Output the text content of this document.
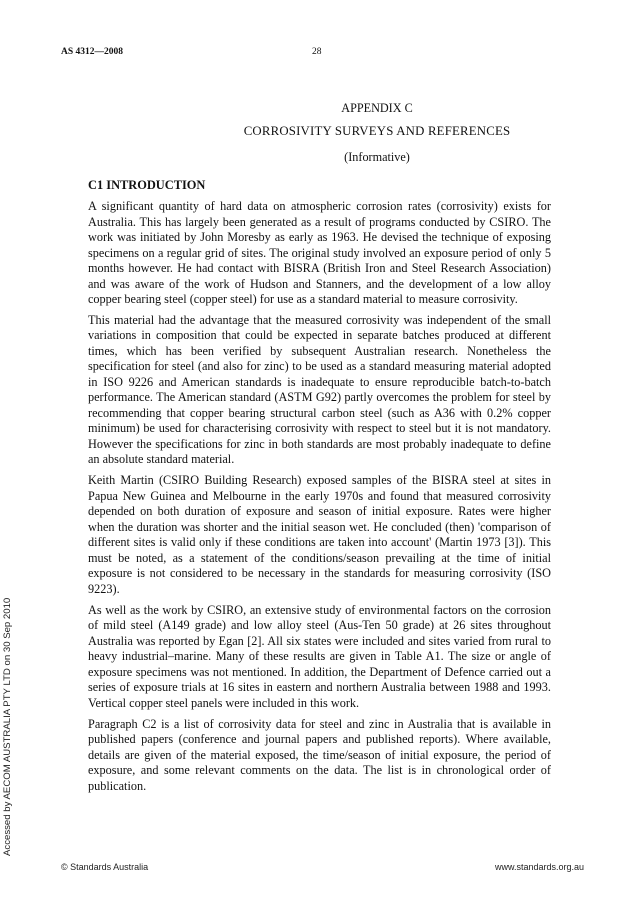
AS 4312—2008	28
APPENDIX C
CORROSIVITY SURVEYS AND REFERENCES
(Informative)
C1 INTRODUCTION

A significant quantity of hard data on atmospheric corrosion rates (corrosivity) exists for Australia. This has largely been generated as a result of programs conducted by CSIRO. The work was initiated by John Moresby as early as 1963. He devised the technique of exposing specimens on a regular grid of sites. The original study involved an exposure period of only 5 months however. He had contact with BISRA (British Iron and Steel Research Association) and was aware of the work of Hudson and Stanners, and the development of a low alloy copper bearing steel (copper steel) for use as a standard material to measure corrosivity.

This material had the advantage that the measured corrosivity was independent of the small variations in composition that could be expected in separate batches produced at different times, which has been verified by subsequent Australian research. Nonetheless the specification for steel (and also for zinc) to be used as a standard measuring material adopted in ISO 9226 and American standards is inadequate to ensure reproducible batch-to-batch performance. The American standard (ASTM G92) partly overcomes the problem for steel by recommending that copper bearing structural carbon steel (such as A36 with 0.2% copper minimum) be used for characterising corrosivity with respect to steel but it is not mandatory. However the specifications for zinc in both standards are most probably inadequate to define an absolute standard material.

Keith Martin (CSIRO Building Research) exposed samples of the BISRA steel at sites in Papua New Guinea and Melbourne in the early 1970s and found that measured corrosivity depended on both duration of exposure and season of initial exposure. Rates were higher when the duration was shorter and the initial season wet. He concluded (then) 'comparison of different sites is valid only if these conditions are taken into account' (Martin 1973 [3]). This must be noted, as a statement of the conditions/season prevailing at the time of initial exposure is not considered to be necessary in the standards for measuring corrosivity (ISO 9223).

As well as the work by CSIRO, an extensive study of environmental factors on the corrosion of mild steel (A149 grade) and low alloy steel (Aus-Ten 50 grade) at 26 sites throughout Australia was reported by Egan [2]. All six states were included and sites varied from rural to heavy industrial–marine. Many of these results are given in Table A1. The size or angle of exposure specimens was not mentioned. In addition, the Department of Defence carried out a series of exposure trials at 16 sites in eastern and northern Australia between 1988 and 1993. Vertical copper steel panels were included in this work.

Paragraph C2 is a list of corrosivity data for steel and zinc in Australia that is available in published papers (conference and journal papers and published reports). Where available, details are given of the material exposed, the time/season of initial exposure, the period of exposure, and some relevant comments on the data. The list is in chronological order of publication.

Accessed by AECOM AUSTRALIA PTY LTD on 30 Sep 2010
© Standards Australia	www.standards.org.au
